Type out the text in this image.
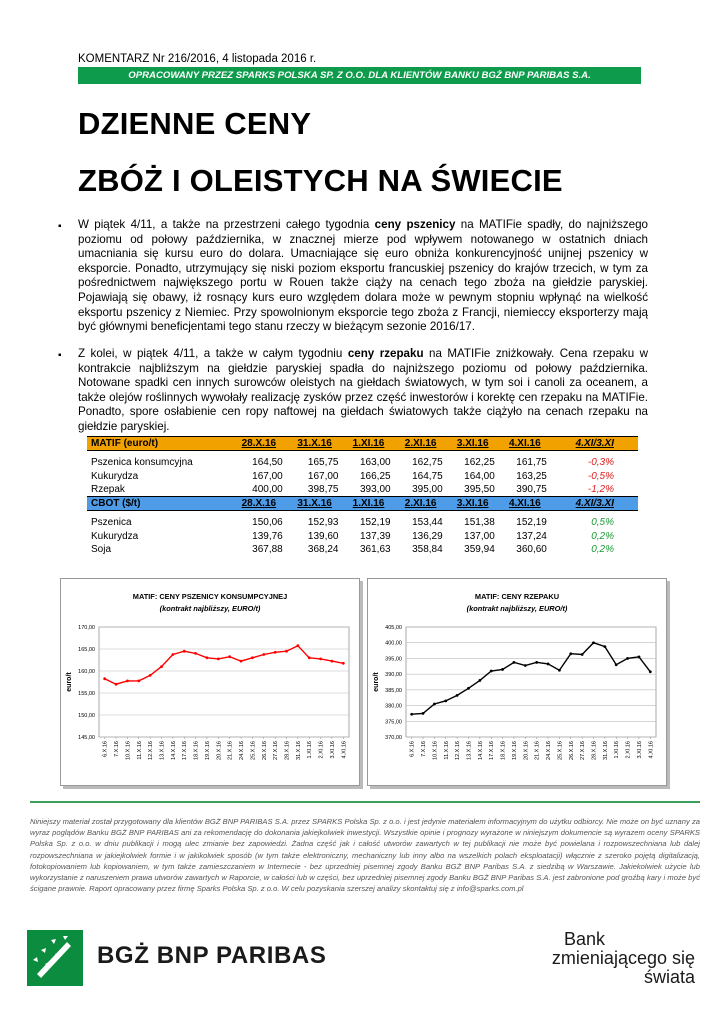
KOMENTARZ Nr 216/2016, 4 listopada 2016 r.
OPRACOWANY PRZEZ SPARKS POLSKA SP. Z O.O. DLA KLIENTÓW BANKU BGŻ BNP PARIBAS S.A.
DZIENNE CENY
ZBÓŻ I OLEISTYCH NA ŚWIECIE
▪ W piątek 4/11, a także na przestrzeni całego tygodnia ceny pszenicy na MATIFie spadły, do najniższego poziomu od połowy października, w znacznej mierze pod wpływem notowanego w ostatnich dniach umacniania się kursu euro do dolara. Umacniające się euro obniża konkurencyjność unijnej pszenicy w eksporcie. Ponadto, utrzymujący się niski poziom eksportu francuskiej pszenicy do krajów trzecich, w tym za pośrednictwem największego portu w Rouen także ciąży na cenach tego zboża na giełdzie paryskiej. Pojawiają się obawy, iż rosnący kurs euro względem dolara może w pewnym stopniu wpłynąć na wielkość eksportu pszenicy z Niemiec. Przy spowolnionym eksporcie tego zboża z Francji, niemieccy eksporterzy mają być głównymi beneficjentami tego stanu rzeczy w bieżącym sezonie 2016/17.
▪ Z kolei, w piątek 4/11, a także w całym tygodniu ceny rzepaku na MATIFie zniżkowały. Cena rzepaku w kontrakcie najbliższym na giełdzie paryskiej spadła do najniższego poziomu od połowy października. Notowane spadki cen innych surowców oleistych na giełdach światowych, w tym soi i canoli za oceanem, a także olejów roślinnych wywołały realizację zysków przez część inwestorów i korektę cen rzepaku na MATIFie. Ponadto, spore osłabienie cen ropy naftowej na giełdach światowych także ciążyło na cenach rzepaku na giełdzie paryskiej.
MATIF (euro/t)	28.X.16	31.X.16	1.XI.16	2.XI.16	3.XI.16	4.XI.16	4.XI/3.XI

Pszenica konsumcyjna	164,50	165,75	163,00	162,75	162,25	161,75	-0,3%
Kukurydza	167,00	167,00	166,25	164,75	164,00	163,25	-0,5%
Rzepak	400,00	398,75	393,00	395,00	395,50	390,75	-1,2%
CBOT ($/t)	28.X.16	31.X.16	1.XI.16	2.XI.16	3.XI.16	4.XI.16	4.XI/3.XI

Pszenica	150,06	152,93	152,19	153,44	151,38	152,19	0,5%
Kukurydza	139,76	139,60	137,39	136,29	137,00	137,24	0,2%
Soja	367,88	368,24	361,63	358,84	359,94	360,60	0,2%
MATIF: CENY PSZENICY KONSUMPCYJNEJ
(kontrakt najbliższy, EURO/t)
145,00
150,00
155,00
160,00
165,00
170,00
euro/t
6.X.16 7.X.16 10.X.16 11.X.16 12.X.16 13.X.16 14.X.16 17.X.16 18.X.16 19.X.16 20.X.16 21.X.16 24.X.16 25.X.16 26.X.16 27.X.16 28.X.16 31.X.16 1.XI.16 2.XI.16 3.XI.16 4.XI.16
MATIF: CENY RZEPAKU
(kontrakt najbliższy, EURO/t)
370,00
375,00
380,00
385,00
390,00
395,00
400,00
405,00
euro/t
6.X.16 7.X.16 10.X.16 11.X.16 12.X.16 13.X.16 14.X.16 17.X.16 18.X.16 19.X.16 20.X.16 21.X.16 24.X.16 25.X.16 26.X.16 27.X.16 28.X.16 31.X.16 1.XI.16 2.XI.16 3.XI.16 4.XI.16
Niniejszy materiał został przygotowany dla klientów BGŻ BNP PARIBAS S.A. przez SPARKS Polska Sp. z o.o. i jest jedynie materiałem informacyjnym do użytku odbiorcy. Nie może on być uznany za wyraz poglądów Banku BGŻ BNP PARIBAS ani za rekomendację do dokonania jakiejkolwiek inwestycji. Wszystkie opinie i prognozy wyrażone w niniejszym dokumencie są wyrazem oceny SPARKS Polska Sp. z o.o. w dniu publikacji i mogą ulec zmianie bez zapowiedzi. Żadna część jak i całość utworów zawartych w tej publikacji nie może być powielana i rozpowszechniana lub dalej rozpowszechniana w jakiejkolwiek formie i w jakikolwiek sposób (w tym także elektroniczny, mechaniczny lub inny albo na wszelkich polach eksploatacji) włącznie z szeroko pojętą digitalizacją, fotokopiowaniem lub kopiowaniem, w tym także zamieszczaniem w Internecie - bez uprzedniej pisemnej zgody Banku BGŻ BNP Paribas S.A. z siedzibą w Warszawie. Jakiekolwiek użycie lub wykorzystanie z naruszeniem prawa utworów zawartych w Raporcie, w całości lub w części, bez uprzedniej pisemnej zgody Banku BGŻ BNP Paribas S.A. jest zabronione pod groźbą kary i może być ścigane prawnie. Raport opracowany przez firmę Sparks Polska Sp. z o.o. W celu pozyskania szerszej analizy skontaktuj się z info@sparks.com.pl
BGŻ BNP PARIBAS
Bank
zmieniającego się
świata
